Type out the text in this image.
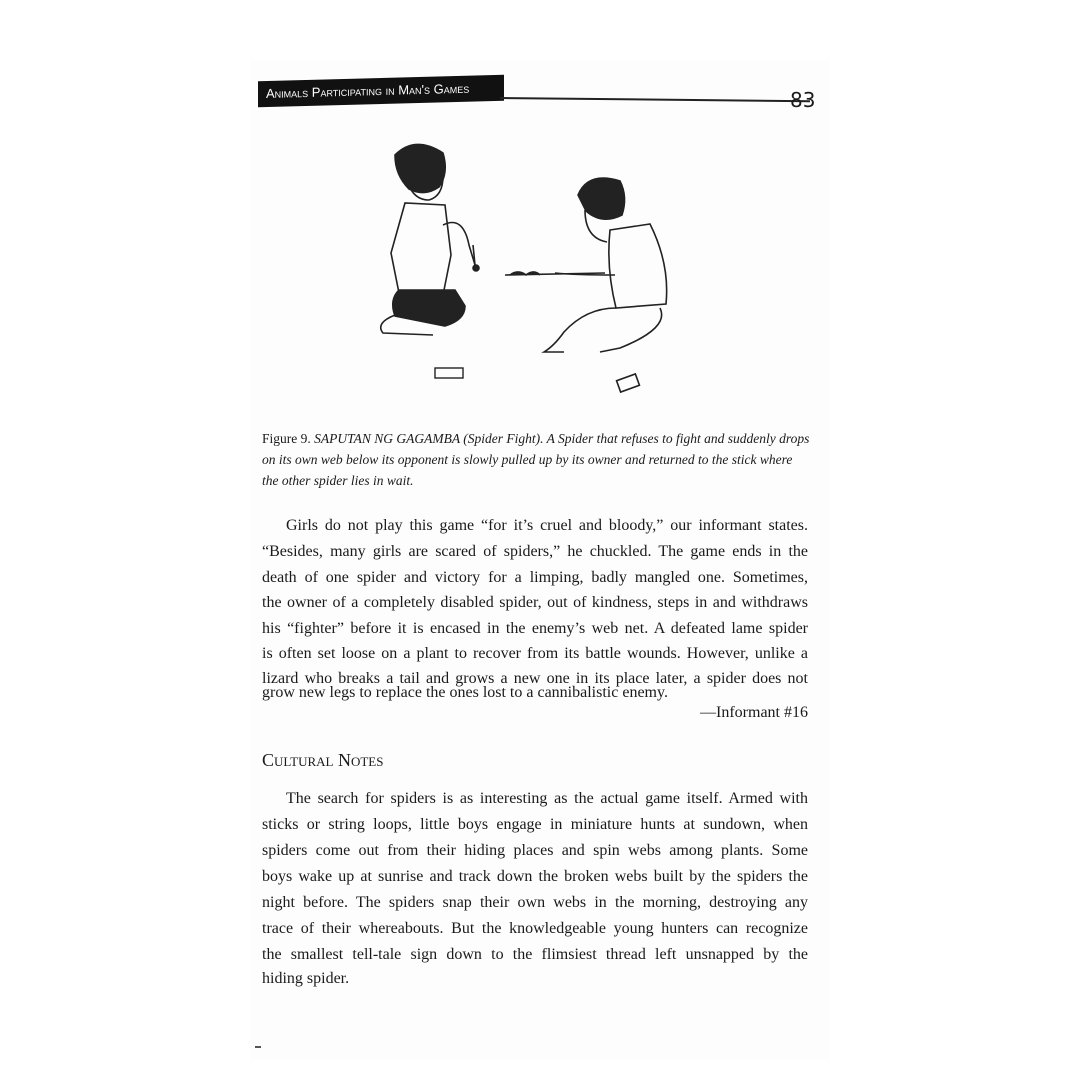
Animals Participating in Man's Games	83
Figure 9. SAPUTAN NG GAGAMBA (Spider Fight). A Spider that refuses to fight and suddenly drops on its own web below its opponent is slowly pulled up by its owner and returned to the stick where the other spider lies in wait.
Girls do not play this game “for it’s cruel and bloody,” our informant states.
“Besides, many girls are scared of spiders,” he chuckled. The game ends in the
death of one spider and victory for a limping, badly mangled one. Sometimes,
the owner of a completely disabled spider, out of kindness, steps in and withdraws
his “fighter” before it is encased in the enemy’s web net. A defeated lame spider
is often set loose on a plant to recover from its battle wounds. However, unlike a
lizard who breaks a tail and grows a new one in its place later, a spider does not
grow new legs to replace the ones lost to a cannibalistic enemy.
—Informant #16
Cultural Notes
The search for spiders is as interesting as the actual game itself. Armed with
sticks or string loops, little boys engage in miniature hunts at sundown, when
spiders come out from their hiding places and spin webs among plants. Some
boys wake up at sunrise and track down the broken webs built by the spiders the
night before. The spiders snap their own webs in the morning, destroying any
trace of their whereabouts. But the knowledgeable young hunters can recognize
the smallest tell-tale sign down to the flimsiest thread left unsnapped by the
hiding spider.
